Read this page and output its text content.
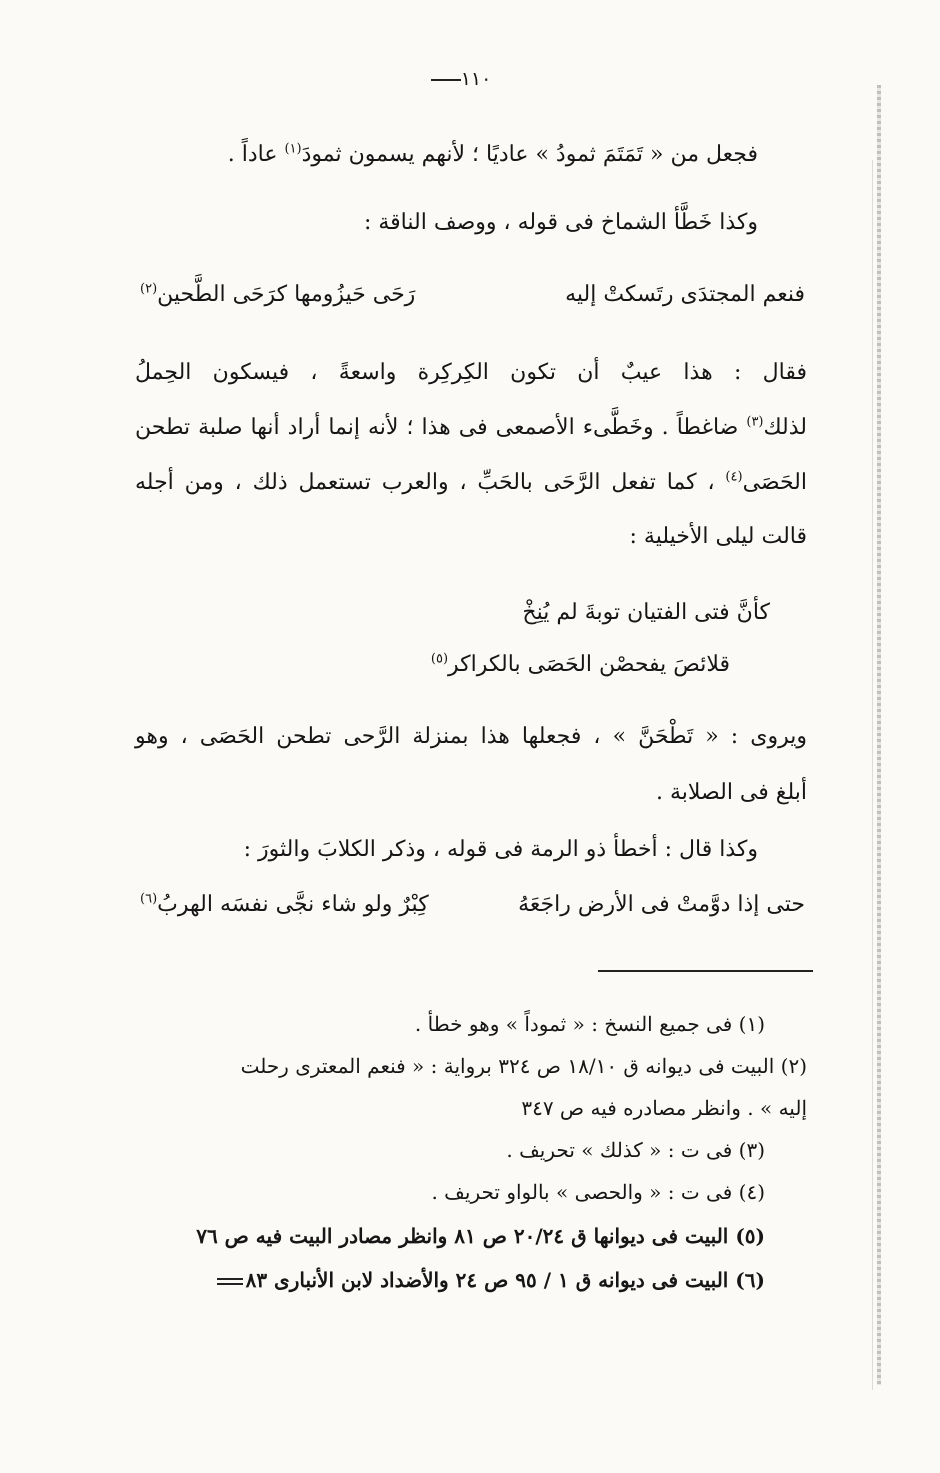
١١٠
فجعل من « تَمَتَمَ ثمودُ » عاديًا ؛ لأنهم يسمون ثمودَ$^{(١)}$ عاداً .
وكذا خَطَّأ الشماخ فى قوله ، ووصف الناقة :
فنعم المجتدَى رتَسكتْ إليه
رَحَى حَيزُومها كرَحَى الطَّحين$^{(٢)}$
فقال : هذا عيبٌ أن تكون الكِركِرة واسعةً ، فيسكون الحِملُ
لذلك$^{(٣)}$ ضاغطاً . وخَطَّىء الأصمعى فى هذا ؛ لأنه إنما أراد أنها صلبة تطحن
الحَصَى$^{(٤)}$ ، كما تفعل الرَّحَى بالحَبِّ ، والعرب تستعمل ذلك ، ومن أجله
قالت ليلى الأخيلية :
كأنَّ فتى الفتيان توبةَ لم يُنِخْ
قلائصَ يفحصْن الحَصَى بالكراكر$^{(٥)}$
ويروى : « تَطْحَنَّ » ، فجعلها هذا بمنزلة الرَّحى تطحن الحَصَى ، وهو
أبلغ فى الصلابة .
وكذا قال : أخطأ ذو الرمة فى قوله ، وذكر الكلابَ والثورَ :
حتى إذا دوَّمتْ فى الأرض راجَعَهُ
كِبْرٌ ولو شاء نجَّى نفسَه الهربُ$^{(٦)}$
(١) فى جميع النسخ : « ثموداً » وهو خطأ .
(٢) البيت فى ديوانه ق ١٨/١٠ ص ٣٢٤ برواية : « فنعم المعترى رحلت
إليه » . وانظر مصادره فيه ص ٣٤٧
(٣) فى ت : « كذلك » تحريف .
(٤) فى ت : « والحصى » بالواو تحريف .
(٥) البيت فى ديوانها ق ٢٠/٢٤ ص ٨١ وانظر مصادر البيت فيه ص ٧٦
(٦) البيت فى ديوانه ق ١ / ٩٥ ص ٢٤ والأضداد لابن الأنبارى ٨٣
